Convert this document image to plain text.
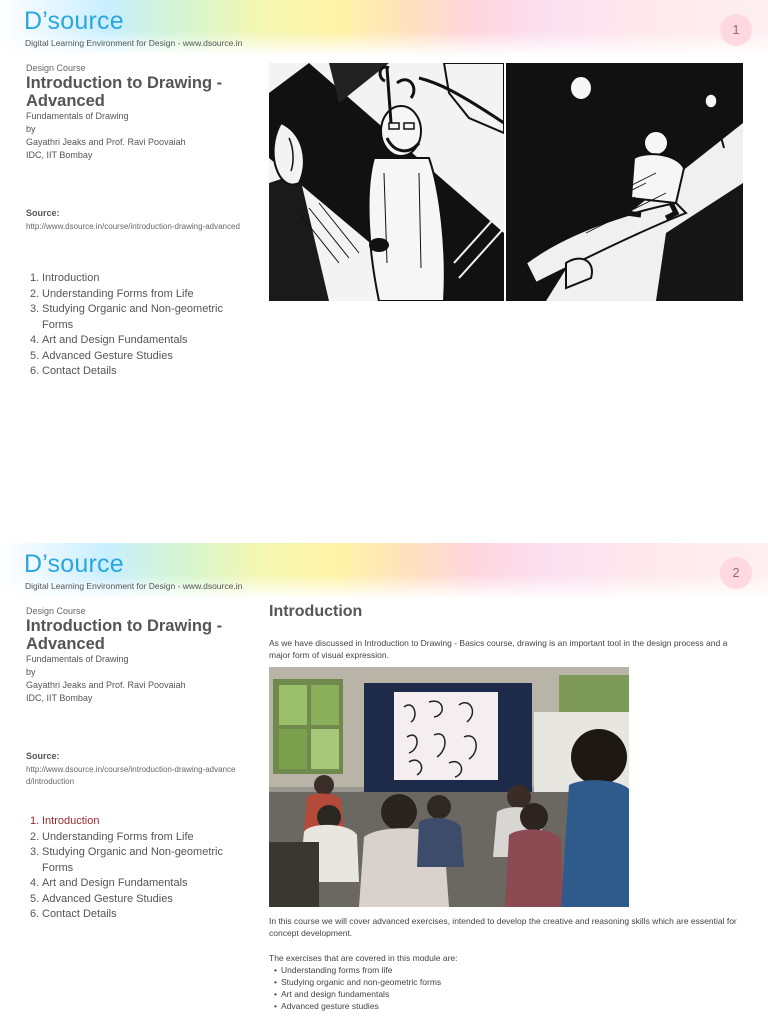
D’source
Digital Learning Environment for Design - www.dsource.in
1
Design Course
Introduction to Drawing -
Advanced
Fundamentals of Drawing
by
Gayathri Jeaks and Prof. Ravi Poovaiah
IDC, IIT Bombay
Source:
http://www.dsource.in/course/introduction-drawing-advanced
1. Introduction
2. Understanding Forms from Life
3. Studying Organic and Non-geometric Forms
4. Art and Design Fundamentals
5. Advanced Gesture Studies
6. Contact Details
D’source
Digital Learning Environment for Design - www.dsource.in
2
Design Course
Introduction to Drawing -
Advanced
Fundamentals of Drawing
by
Gayathri Jeaks and Prof. Ravi Poovaiah
IDC, IIT Bombay
Source:
http://www.dsource.in/course/introduction-drawing-advanced/introduction
1. Introduction
2. Understanding Forms from Life
3. Studying Organic and Non-geometric Forms
4. Art and Design Fundamentals
5. Advanced Gesture Studies
6. Contact Details
Introduction
As we have discussed in Introduction to Drawing - Basics course, drawing is an important tool in the design process and a major form of visual expression.
In this course we will cover advanced exercises, intended to develop the creative and reasoning skills which are essential for concept development.
The exercises that are covered in this module are:
• Understanding forms from life
• Studying organic and non-geometric forms
• Art and design fundamentals
• Advanced gesture studies
